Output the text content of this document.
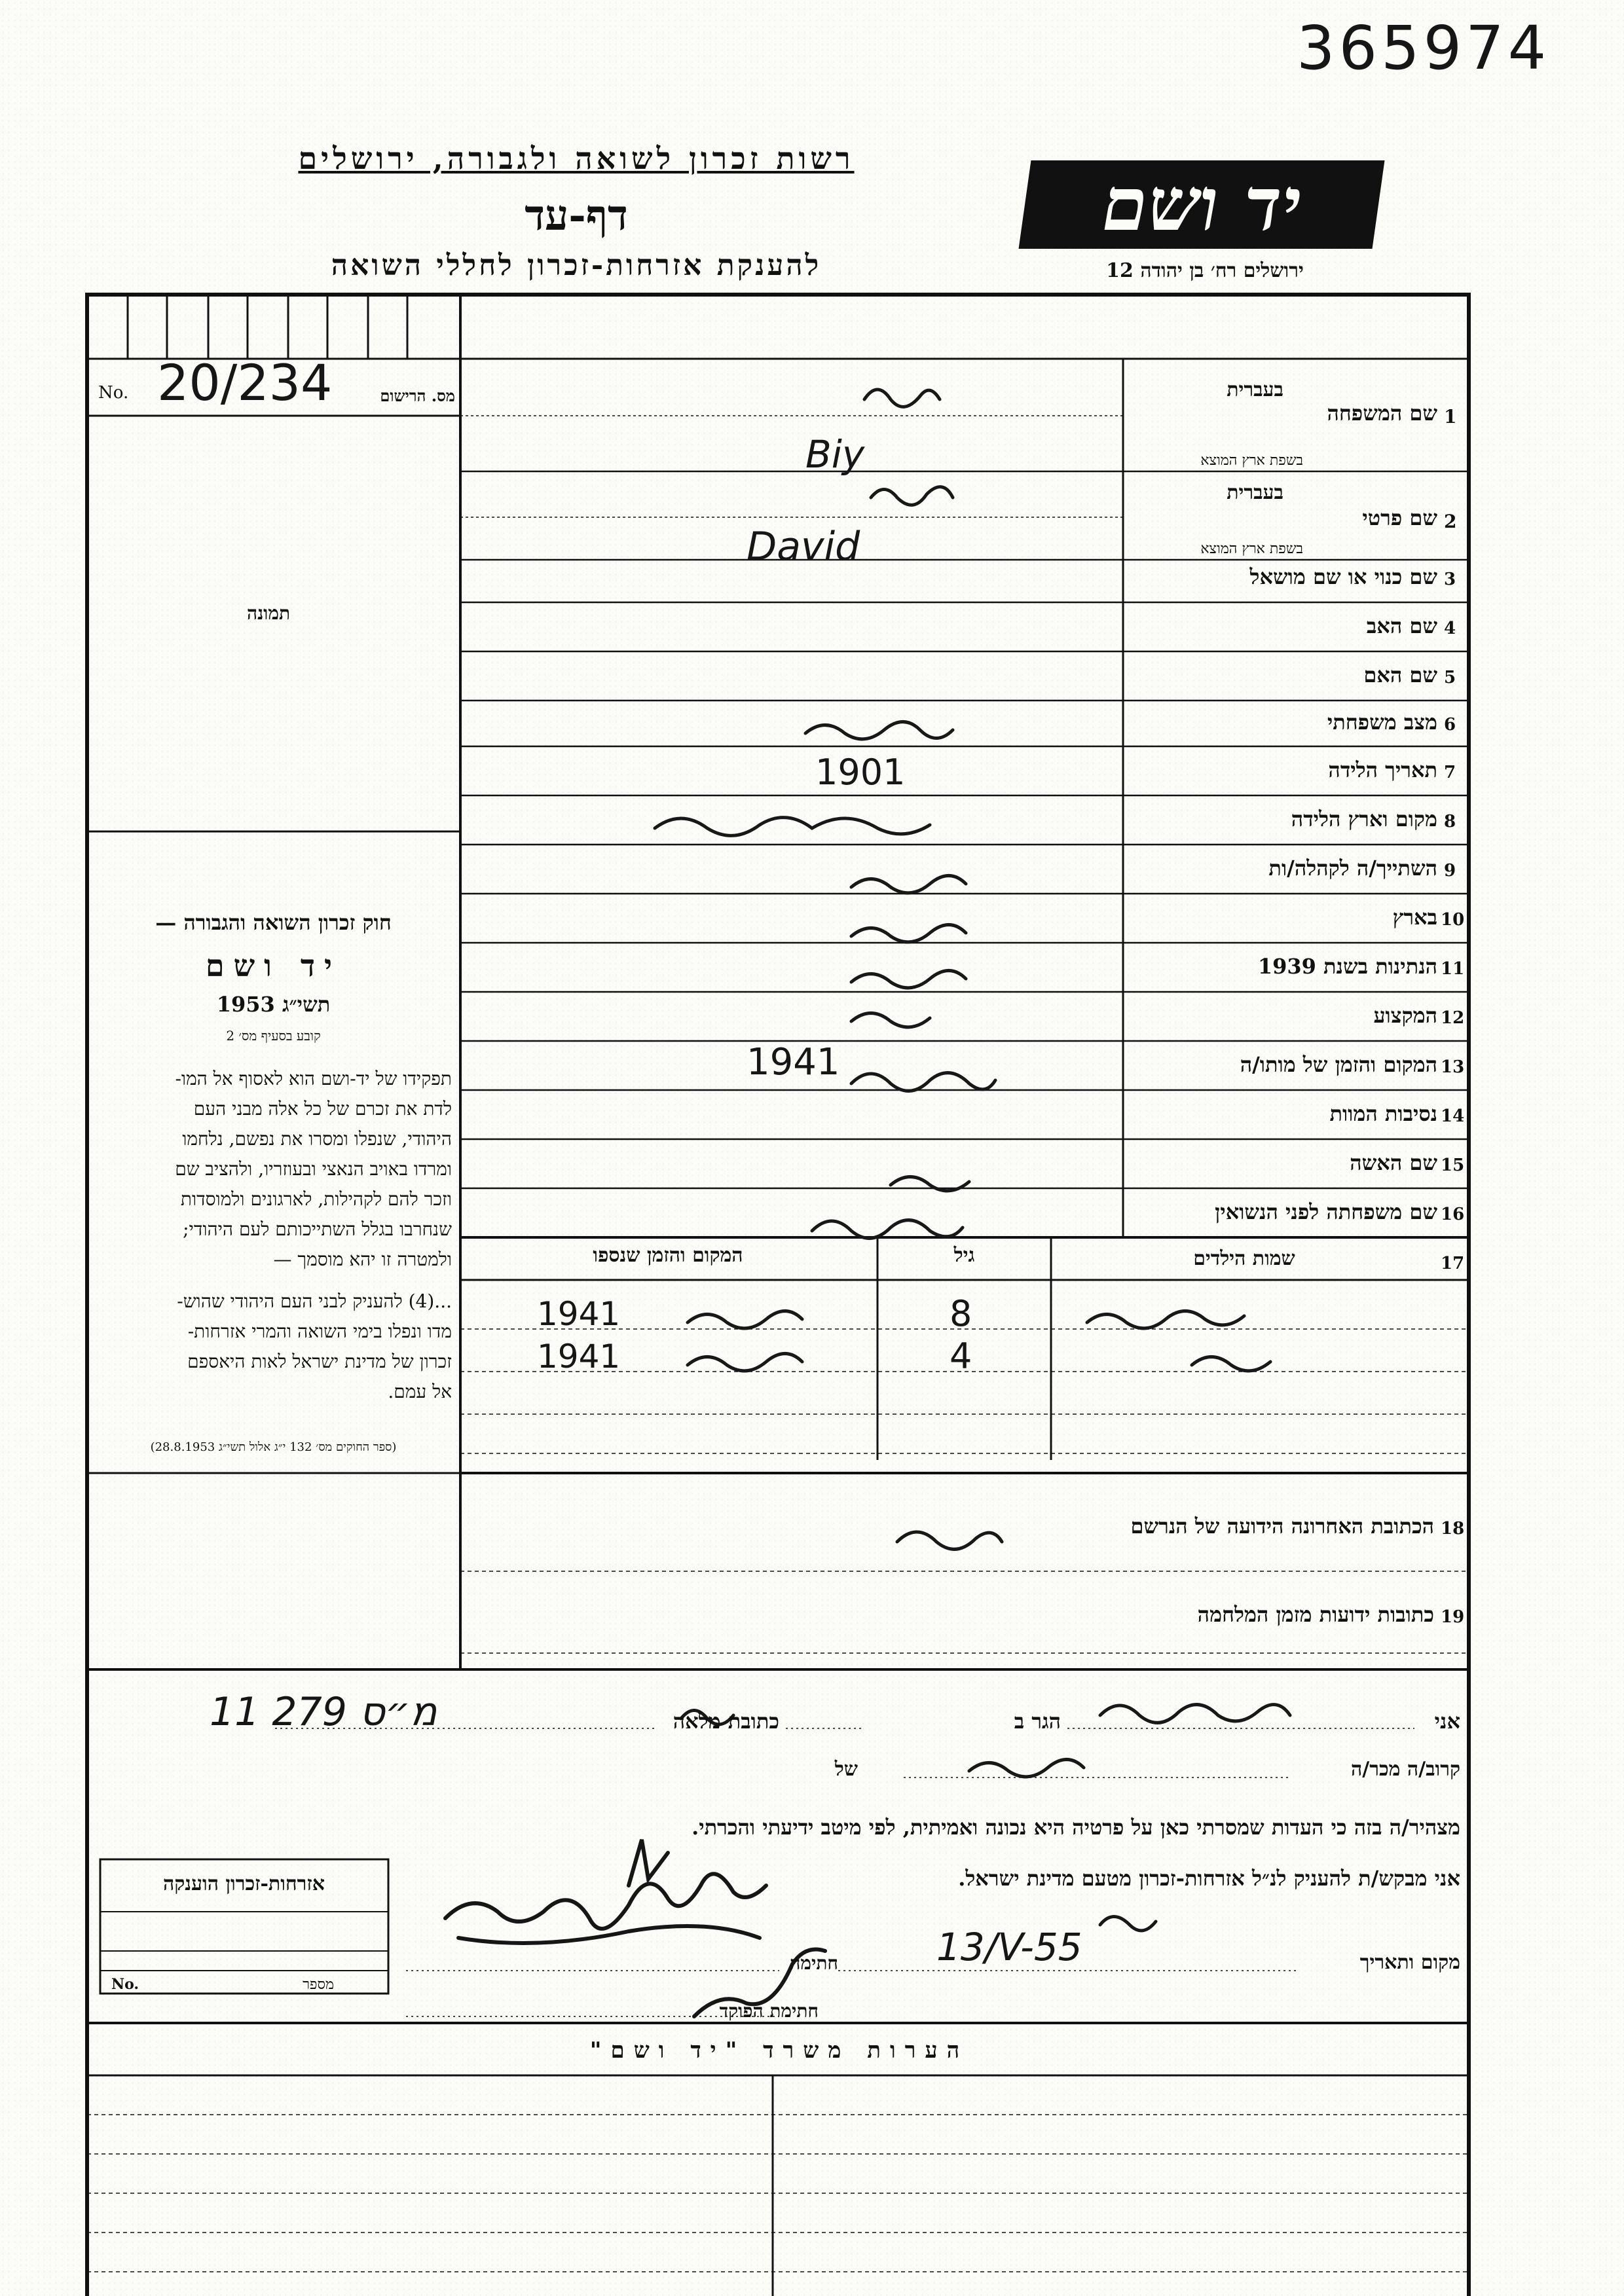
365974
רשות זכרון לשואה ולגבורה, ירושלים
דף-עד
להענקת אזרחות-זכרון לחללי השואה
יד ושם
ירושלים רח׳ בן יהודה 12
No. 20/234	מס. הרישום
תמונה
1
שם המשפחה
בעברית
בשפת ארץ המוצא
Biy
2
שם פרטי
בעברית
בשפת ארץ המוצא
David
3
שם כנוי או שם מושאל
4
שם האב
5
שם האם
6
מצב משפחתי
7
תאריך הלידה
1901
8
מקום וארץ הלידה
9
השתייך/ה לקהלה/ות
10
בארץ
11
הנתינות בשנת 1939
12
המקצוע
13
המקום והזמן של מותו/ה
1941
14
נסיבות המוות
15
שם האשה
16
שם משפחתה לפני הנשואין
17
שמות הילדים
גיל
המקום והזמן שנספו
8
1941
4
1941
18
הכתובת האחרונה הידועה של הנרשם
19
כתובות ידועות מזמן המלחמה
חוק זכרון השואה והגבורה —
יד ושם
תשי״ג 1953
קובע בסעיף מס׳ 2
תפקידו של יד-ושם הוא לאסוף אל המו-
לדת את זכרם של כל אלה מבני העם
היהודי, שנפלו ומסרו את נפשם, נלחמו
ומרדו באויב הנאצי ובעוזריו, ולהציב שם
וזכר להם לקהילות, לארגונים ולמוסדות
שנחרבו בגלל השתייכותם לעם היהודי;
ולמטרה זו יהא מוסמך —
...(4) להעניק לבני העם היהודי שהוש-
מדו ונפלו בימי השואה והמרי אזרחות-
זכרון של מדינת ישראל לאות היאספם
אל עמם.
(ספר החוקים מס׳ 132 י״ג אלול תשי״ג 28.8.1953)
אני
הגר ב
כתובת מלאה
11 מ״ס 279
קרוב/ה מכר/ה
של
מצהיר/ה בזה כי העדות שמסרתי כאן על פרטיה היא נכונה ואמיתית, לפי מיטב ידיעתי והכרתי.
אני מבקש/ת להעניק לנ״ל אזרחות-זכרון מטעם מדינת ישראל.
מקום ותאריך
13/V-55
חתימה
חתימת הפוקד
אזרחות-זכרון הוענקה
No.	מספר
הערות משרד "יד ושם"
